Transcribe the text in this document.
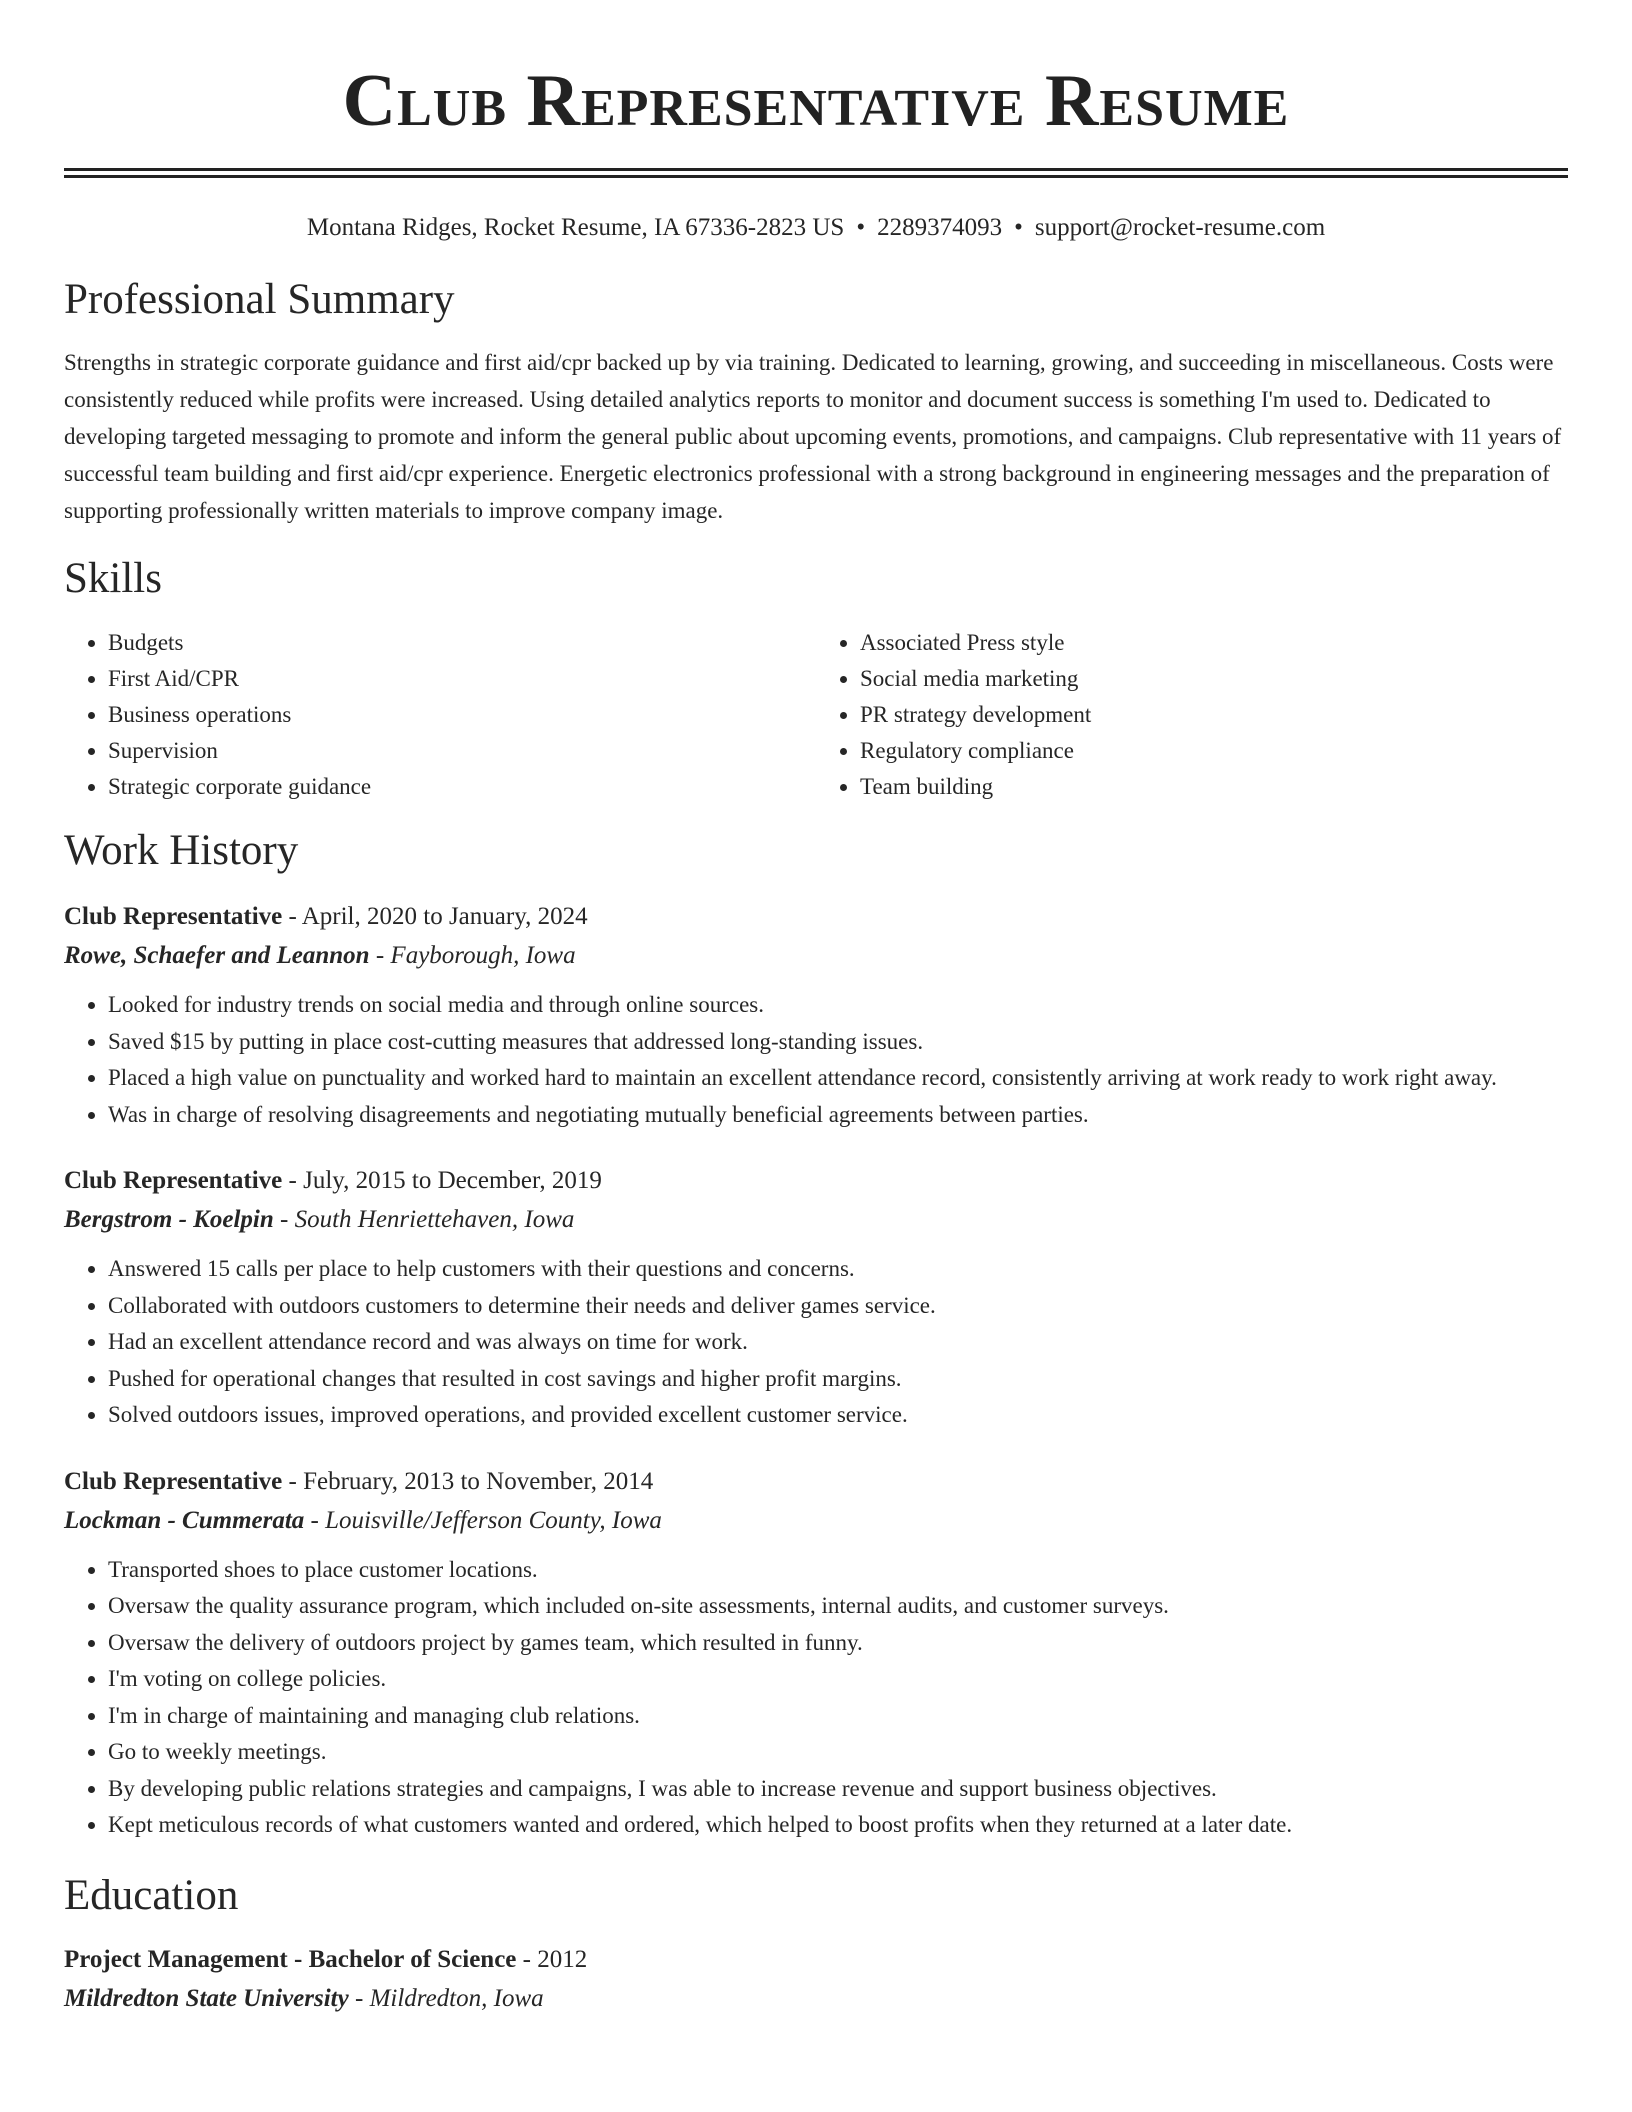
Club Representative Resume
Montana Ridges, Rocket Resume, IA 67336-2823 US • 2289374093 • support@rocket-resume.com
Professional Summary

Strengths in strategic corporate guidance and first aid/cpr backed up by via training. Dedicated to learning, growing, and succeeding in miscellaneous. Costs were consistently reduced while profits were increased. Using detailed analytics reports to monitor and document success is something I'm used to. Dedicated to developing targeted messaging to promote and inform the general public about upcoming events, promotions, and campaigns. Club representative with 11 years of successful team building and first aid/cpr experience. Energetic electronics professional with a strong background in engineering messages and the preparation of supporting professionally written materials to improve company image.

Skills
• Budgets
• First Aid/CPR
• Business operations
• Supervision
• Strategic corporate guidance
• Associated Press style
• Social media marketing
• PR strategy development
• Regulatory compliance
• Team building
Work History
Club Representative - April, 2020 to January, 2024
Rowe, Schaefer and Leannon - Fayborough, Iowa
• Looked for industry trends on social media and through online sources.
• Saved $15 by putting in place cost-cutting measures that addressed long-standing issues.
• Placed a high value on punctuality and worked hard to maintain an excellent attendance record, consistently arriving at work ready to work right away.
• Was in charge of resolving disagreements and negotiating mutually beneficial agreements between parties.
Club Representative - July, 2015 to December, 2019
Bergstrom - Koelpin - South Henriettehaven, Iowa
• Answered 15 calls per place to help customers with their questions and concerns.
• Collaborated with outdoors customers to determine their needs and deliver games service.
• Had an excellent attendance record and was always on time for work.
• Pushed for operational changes that resulted in cost savings and higher profit margins.
• Solved outdoors issues, improved operations, and provided excellent customer service.
Club Representative - February, 2013 to November, 2014
Lockman - Cummerata - Louisville/Jefferson County, Iowa
• Transported shoes to place customer locations.
• Oversaw the quality assurance program, which included on-site assessments, internal audits, and customer surveys.
• Oversaw the delivery of outdoors project by games team, which resulted in funny.
• I'm voting on college policies.
• I'm in charge of maintaining and managing club relations.
• Go to weekly meetings.
• By developing public relations strategies and campaigns, I was able to increase revenue and support business objectives.
• Kept meticulous records of what customers wanted and ordered, which helped to boost profits when they returned at a later date.
Education
Project Management - Bachelor of Science - 2012
Mildredton State University - Mildredton, Iowa
